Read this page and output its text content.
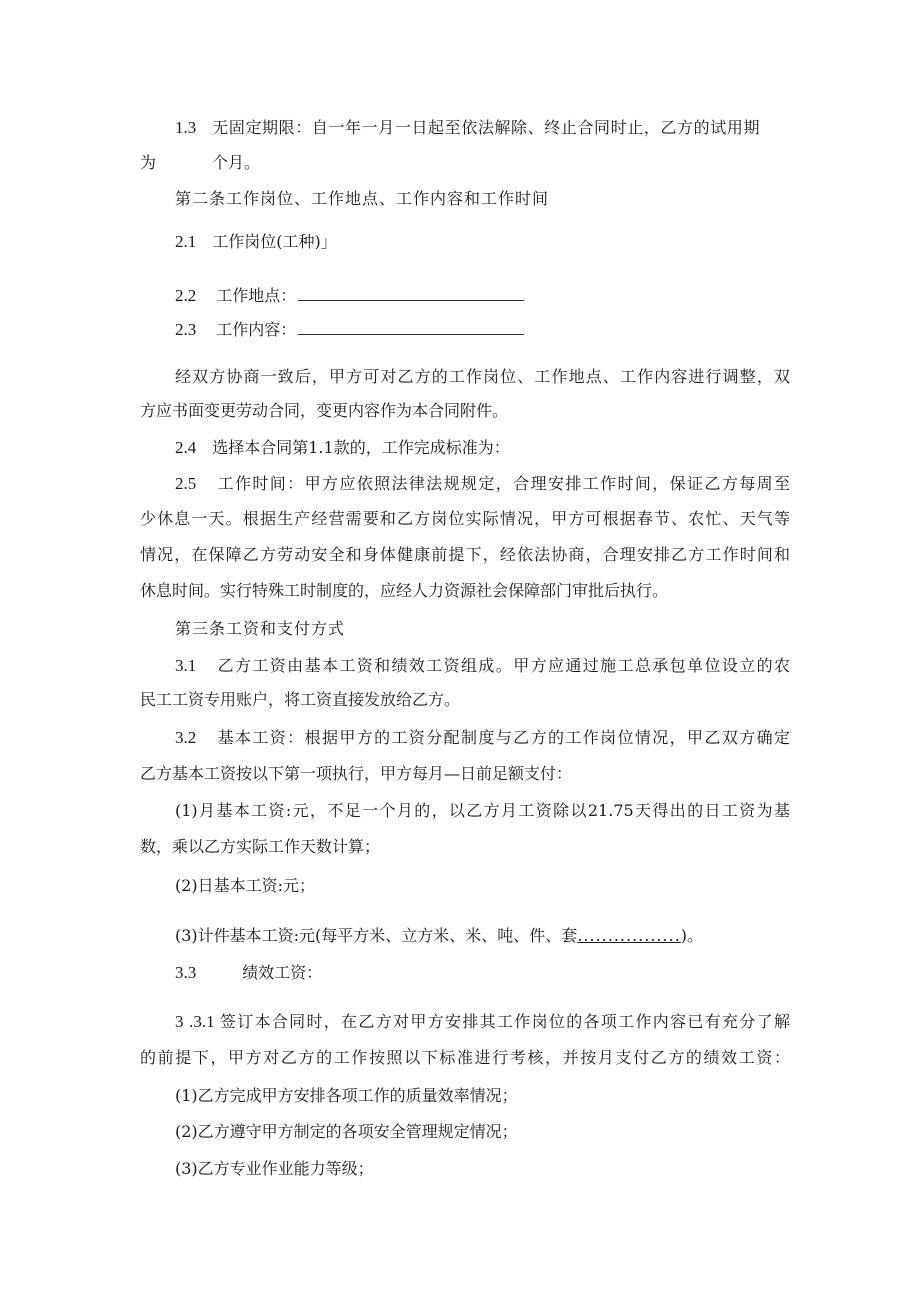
1.3 无固定期限：自一年一月一日起至依法解除、终止合同时止，乙方的试用期
为	个月。
第二条工作岗位、工作地点、工作内容和工作时间
2.1 工作岗位(工种)」
2.2 工作地点：
2.3 工作内容：
经双方协商一致后，甲方可对乙方的工作岗位、工作地点、工作内容进行调整，双
方应书面变更劳动合同，变更内容作为本合同附件。
2.4 选择本合同第1.1款的，工作完成标准为：
2.5 工作时间：甲方应依照法律法规规定，合理安排工作时间，保证乙方每周至
少休息一天。根据生产经营需要和乙方岗位实际情况，甲方可根据春节、农忙、天气等
情况，在保障乙方劳动安全和身体健康前提下，经依法协商，合理安排乙方工作时间和
休息时间。实行特殊工时制度的，应经人力资源社会保障部门审批后执行。
第三条工资和支付方式
3.1 乙方工资由基本工资和绩效工资组成。甲方应通过施工总承包单位设立的农
民工工资专用账户，将工资直接发放给乙方。
3.2 基本工资：根据甲方的工资分配制度与乙方的工作岗位情况，甲乙双方确定
乙方基本工资按以下第一项执行，甲方每月—日前足额支付：
(1)月基本工资:元，不足一个月的，以乙方月工资除以21.75天得出的日工资为基
数，乘以乙方实际工作天数计算；
(2)日基本工资:元；
(3)计件基本工资:元(每平方米、立方米、米、吨、件、套.................)。
3.3	绩效工资：
3 .3.1 签订本合同时，在乙方对甲方安排其工作岗位的各项工作内容已有充分了解
的前提下，甲方对乙方的工作按照以下标准进行考核，并按月支付乙方的绩效工资：
(1)乙方完成甲方安排各项工作的质量效率情况；
(2)乙方遵守甲方制定的各项安全管理规定情况；
(3)乙方专业作业能力等级；
